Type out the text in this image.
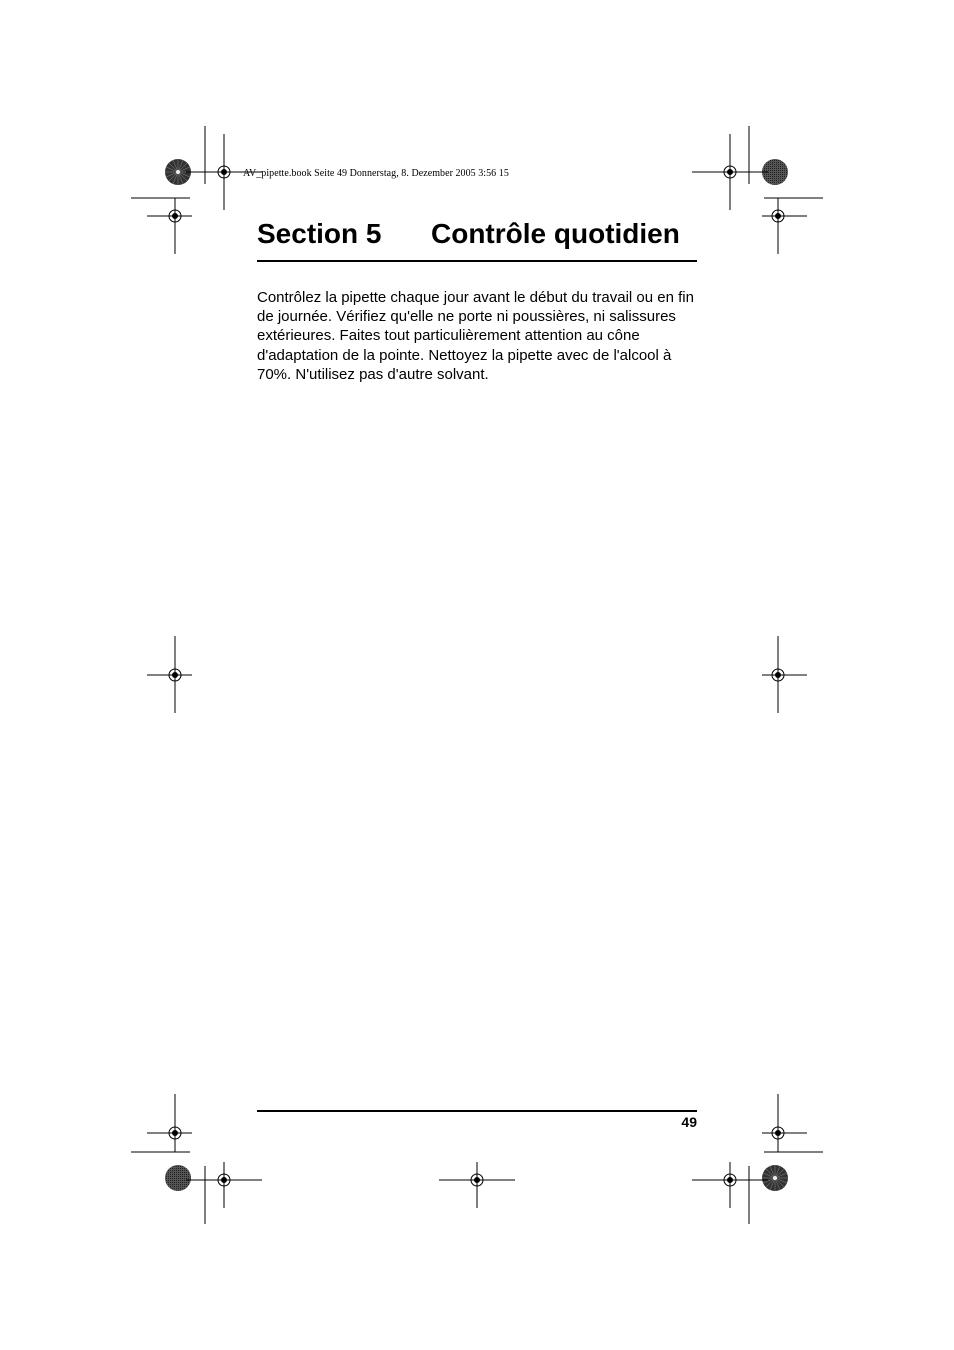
AV_pipette.book Seite 49 Donnerstag, 8. Dezember 2005 3:56 15
Section 5 Contrôle quotidien

Contrôlez la pipette chaque jour avant le début du travail ou en fin de journée. Vérifiez qu'elle ne porte ni poussières, ni salissures extérieures. Faites tout particulièrement attention au cône d'adaptation de la pointe. Nettoyez la pipette avec de l'alcool à 70%. N'utilisez pas d'autre solvant.

49
